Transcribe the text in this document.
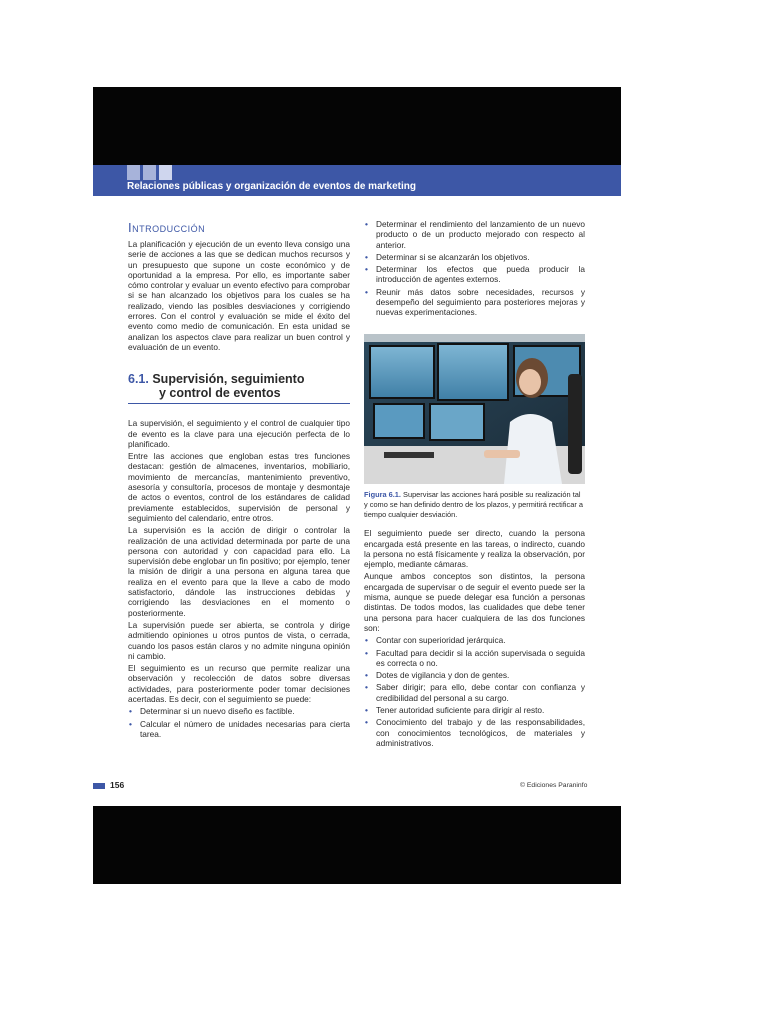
Relaciones públicas y organización de eventos de marketing
Introducción

La planificación y ejecución de un evento lleva consigo una serie de acciones a las que se dedican muchos recursos y un presupuesto que supone un coste económico y de oportunidad a la empresa. Por ello, es importante saber cómo controlar y evaluar un evento efectivo para comprobar si se han alcanzado los objetivos para los cuales se ha realizado, viendo las posibles desviaciones y corrigiendo errores. Con el control y evaluación se mide el éxito del evento como medio de comunicación. En esta unidad se analizan los aspectos clave para realizar un buen control y evaluación de un evento.

6.1. Supervisión, seguimiento
y control de eventos

La supervisión, el seguimiento y el control de cualquier tipo de evento es la clave para una ejecución perfecta de lo planificado.

Entre las acciones que engloban estas tres funciones destacan: gestión de almacenes, inventarios, mobiliario, movimiento de mercancías, mantenimiento preventivo, asesoría y consultoría, procesos de montaje y desmontaje de actos o eventos, control de los estándares de calidad previamente establecidos, supervisión de personal y seguimiento del calendario, entre otros.

La supervisión es la acción de dirigir o controlar la realización de una actividad determinada por parte de una persona con autoridad y con capacidad para ello. La supervisión debe englobar un fin positivo; por ejemplo, tener la misión de dirigir a una persona en alguna tarea que realiza en el evento para que la lleve a cabo de modo satisfactorio, dándole las instrucciones debidas y corrigiendo las desviaciones en el momento o posteriormente.

La supervisión puede ser abierta, se controla y dirige admitiendo opiniones u otros puntos de vista, o cerrada, cuando los pasos están claros y no admite ninguna opinión ni cambio.

El seguimiento es un recurso que permite realizar una observación y recolección de datos sobre diversas actividades, para posteriormente poder tomar decisiones acertadas. Es decir, con el seguimiento se puede:

• Determinar si un nuevo diseño es factible.
• Calcular el número de unidades necesarias para cierta tarea.
• Determinar el rendimiento del lanzamiento de un nuevo producto o de un producto mejorado con respecto al anterior.
• Determinar si se alcanzarán los objetivos.
• Determinar los efectos que pueda producir la introducción de agentes externos.
• Reunir más datos sobre necesidades, recursos y desempeño del seguimiento para posteriores mejoras y nuevas experimentaciones.

Figura 6.1. Supervisar las acciones hará posible su realización tal y como se han definido dentro de los plazos, y permitirá rectificar a tiempo cualquier desviación.

El seguimiento puede ser directo, cuando la persona encargada está presente en las tareas, o indirecto, cuando la persona no está físicamente y realiza la observación, por ejemplo, mediante cámaras.

Aunque ambos conceptos son distintos, la persona encargada de supervisar o de seguir el evento puede ser la misma, aunque se puede delegar esa función a personas distintas. De todos modos, las cualidades que debe tener una persona para hacer cualquiera de las dos funciones son:

• Contar con superioridad jerárquica.
• Facultad para decidir si la acción supervisada o seguida es correcta o no.
• Dotes de vigilancia y don de gentes.
• Saber dirigir; para ello, debe contar con confianza y credibilidad del personal a su cargo.
• Tener autoridad suficiente para dirigir al resto.
• Conocimiento del trabajo y de las responsabilidades, con conocimientos tecnológicos, de materiales y administrativos.
156	© Ediciones Paraninfo
